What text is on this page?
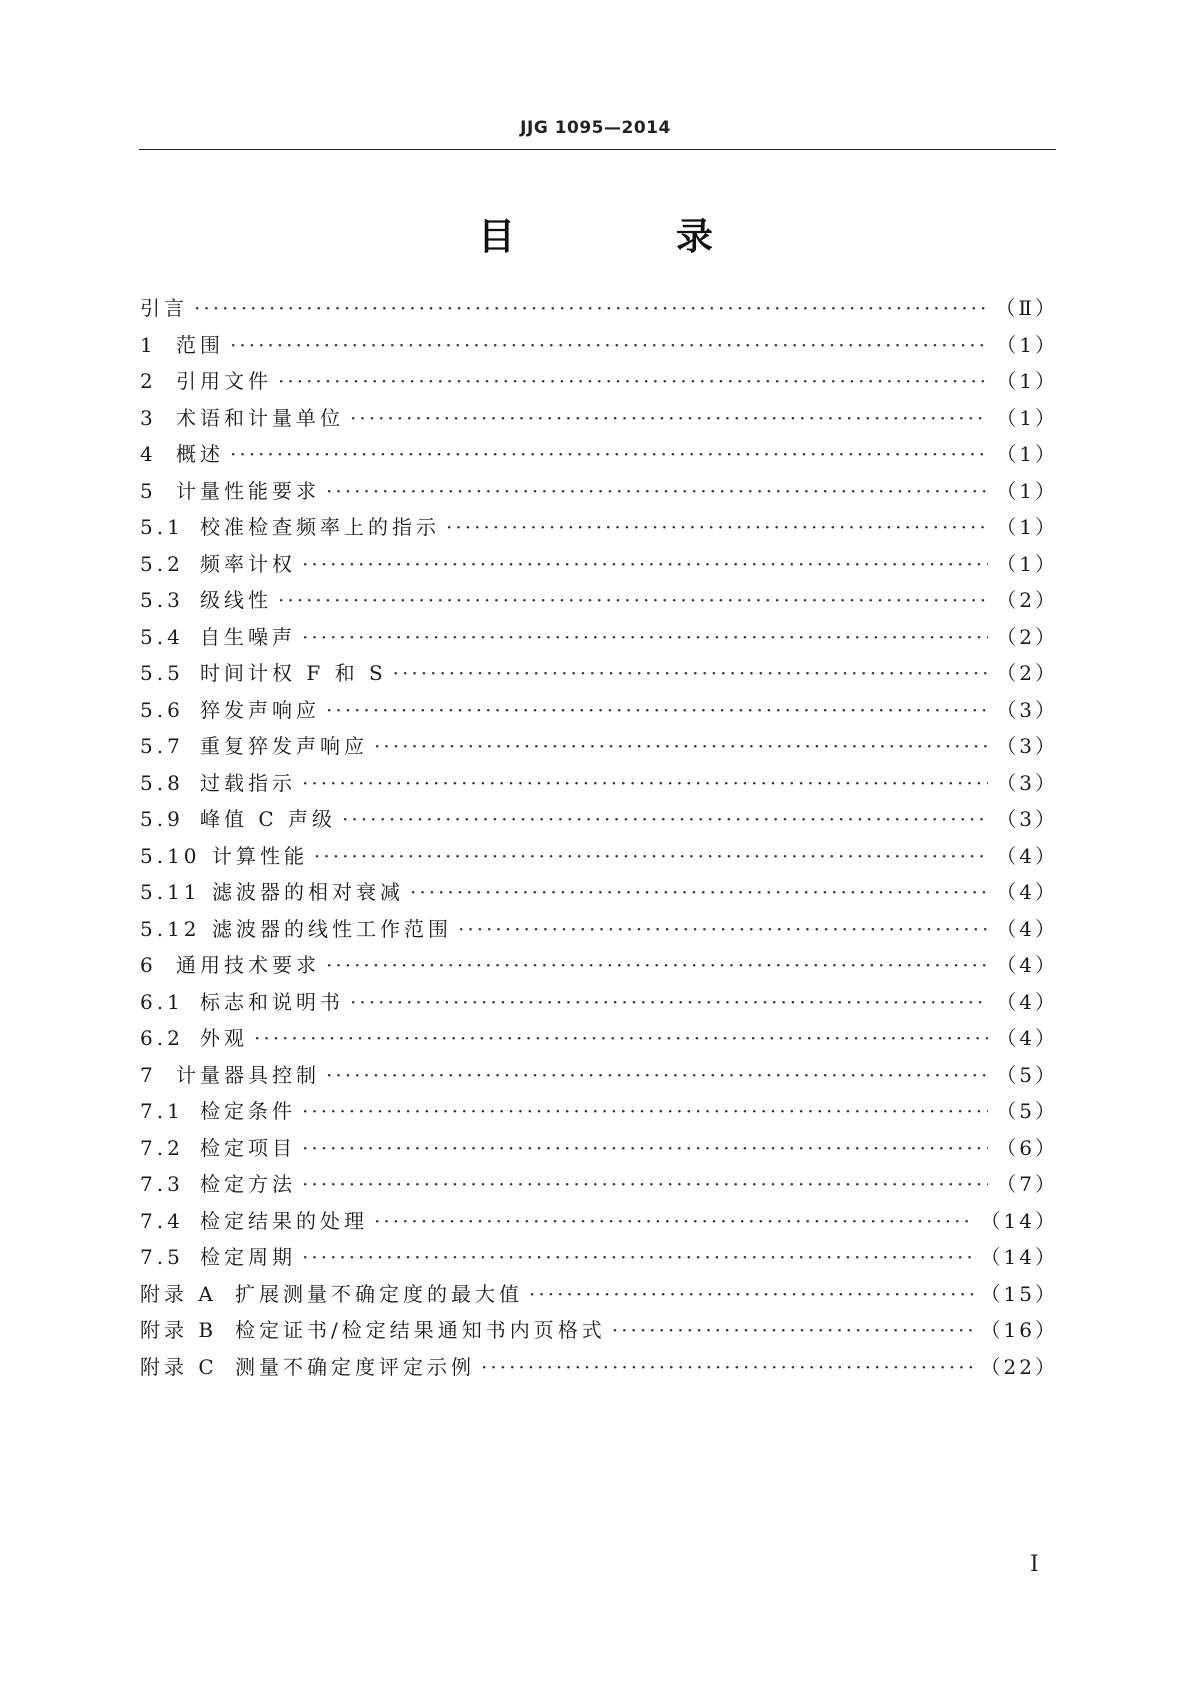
JJG 1095—2014
目 录
引言 ·····	（Ⅱ）
1 范围 ·····	（1）
2 引用文件 ·····	（1）
3 术语和计量单位 ·····	（1）
4 概述 ·····	（1）
5 计量性能要求 ·····	（1）
5.1 校准检查频率上的指示 ·····	（1）
5.2 频率计权 ·····	（1）
5.3 级线性 ·····	（2）
5.4 自生噪声 ·····	（2）
5.5 时间计权 F 和 S ·····	（2）
5.6 猝发声响应 ·····	（3）
5.7 重复猝发声响应 ·····	（3）
5.8 过载指示 ·····	（3）
5.9 峰值 C 声级 ·····	（3）
5.10 计算性能 ·····	（4）
5.11 滤波器的相对衰减 ·····	（4）
5.12 滤波器的线性工作范围 ·····	（4）
6 通用技术要求 ·····	（4）
6.1 标志和说明书 ·····	（4）
6.2 外观 ·····	（4）
7 计量器具控制 ·····	（5）
7.1 检定条件 ·····	（5）
7.2 检定项目 ·····	（6）
7.3 检定方法 ·····	（7）
7.4 检定结果的处理 ·····	（14）
7.5 检定周期 ·····	（14）
附录 A 扩展测量不确定度的最大值 ·····	（15）
附录 B 检定证书/检定结果通知书内页格式 ·····	（16）
附录 C 测量不确定度评定示例 ·····	（22）
I
